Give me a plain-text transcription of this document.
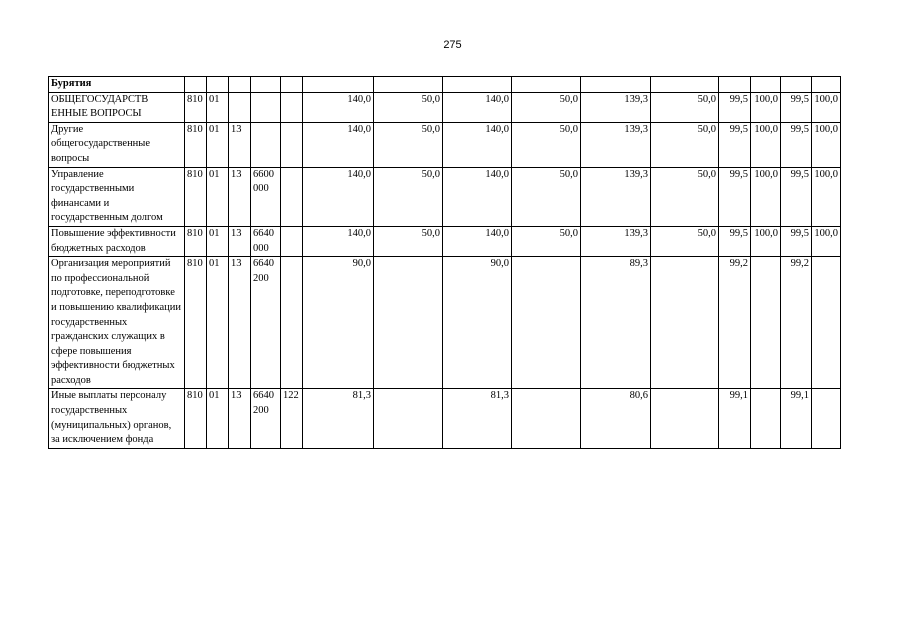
275
Бурятия															
ОБЩЕГОСУДАРСТВ ЕННЫЕ ВОПРОСЫ	810	01				140,0	50,0	140,0	50,0	139,3	50,0	99,5	100,0	99,5	100,0
Другие общегосударственные вопросы	810	01	13			140,0	50,0	140,0	50,0	139,3	50,0	99,5	100,0	99,5	100,0
Управление государственными финансами и государственным долгом	810	01	13	6600 000		140,0	50,0	140,0	50,0	139,3	50,0	99,5	100,0	99,5	100,0
Повышение эффективности бюджетных расходов	810	01	13	6640 000		140,0	50,0	140,0	50,0	139,3	50,0	99,5	100,0	99,5	100,0
Организация мероприятий по профессиональной подготовке, переподготовке и повышению квалификации государственных гражданских служащих в сфере повышения эффективности бюджетных расходов	810	01	13	6640 200		90,0		90,0		89,3		99,2		99,2	
Иные выплаты персоналу государственных (муниципальных) органов, за исключением фонда	810	01	13	6640 200	122	81,3		81,3		80,6		99,1		99,1	
